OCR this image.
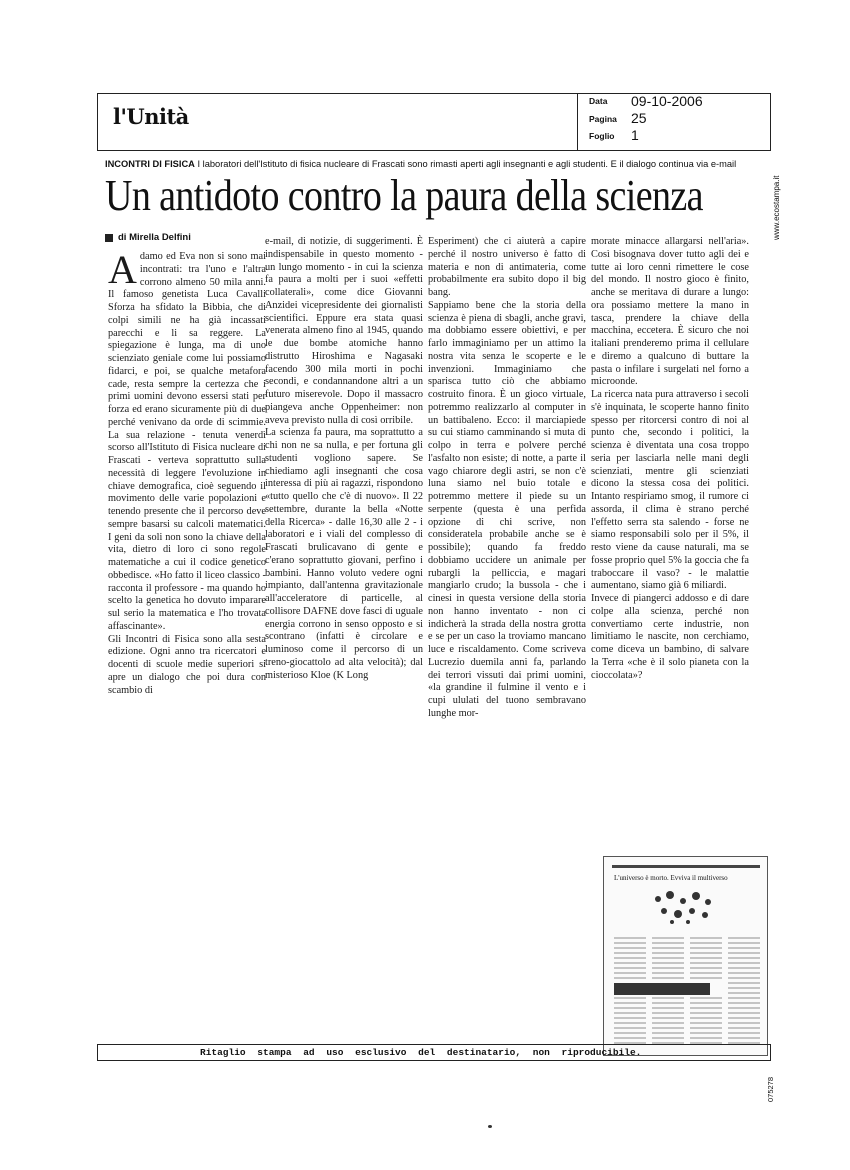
l'Unità
Data 09-10-2006
Pagina 25
Foglio 1
www.ecostampa.it
INCONTRI DI FISICA I laboratori dell'Istituto di fisica nucleare di Frascati sono rimasti aperti agli insegnanti e agli studenti. E il dialogo continua via e-mail
Un antidoto contro la paura della scienza
di Mirella Delfini

Adamo ed Eva non si sono mai incontrati: tra l'uno e l'altra corrono almeno 50 mila anni. Il famoso genetista Luca Cavalli Sforza ha sfidato la Bibbia, che di colpi simili ne ha già incassati parecchi e li sa reggere. La spiegazione è lunga, ma di uno scienziato geniale come lui possiamo fidarci, e poi, se qualche metafora cade, resta sempre la certezza che i primi uomini devono essersi stati per forza ed erano sicuramente più di due perché venivano da orde di scimmie. La sua relazione - tenuta venerdì scorso all'Istituto di Fisica nucleare di Frascati - verteva soprattutto sulla necessità di leggere l'evoluzione in chiave demografica, cioè seguendo il movimento delle varie popolazioni e tenendo presente che il percorso deve sempre basarsi su calcoli matematici. I geni da soli non sono la chiave della vita, dietro di loro ci sono regole matematiche a cui il codice genetico obbedisce. «Ho fatto il liceo classico - racconta il professore - ma quando ho scelto la genetica ho dovuto imparare sul serio la matematica e l'ho trovata affascinante».

Gli Incontri di Fisica sono alla sesta edizione. Ogni anno tra ricercatori e docenti di scuole medie superiori si apre un dialogo che poi dura con scambio di

e-mail, di notizie, di suggerimenti. È indispensabile in questo momento - un lungo momento - in cui la scienza fa paura a molti per i suoi «effetti collaterali», come dice Giovanni Anzidei vicepresidente dei giornalisti scientifici. Eppure era stata quasi venerata almeno fino al 1945, quando le due bombe atomiche hanno distrutto Hiroshima e Nagasaki facendo 300 mila morti in pochi secondi, e condannandone altri a un futuro miserevole. Dopo il massacro piangeva anche Oppenheimer: non aveva previsto nulla di così orribile.

La scienza fa paura, ma soprattutto a chi non ne sa nulla, e per fortuna gli studenti vogliono sapere. Se chiediamo agli insegnanti che cosa interessa di più ai ragazzi, rispondono «tutto quello che c'è di nuovo». Il 22 settembre, durante la bella «Notte della Ricerca» - dalle 16,30 alle 2 - i laboratori e i viali del complesso di Frascati brulicavano di gente e c'erano soprattutto giovani, perfino i bambini. Hanno voluto vedere ogni impianto, dall'antenna gravitazionale all'acceleratore di particelle, al collisore DAFNE dove fasci di uguale energia corrono in senso opposto e si scontrano (infatti è circolare e luminoso come il percorso di un treno-giocattolo ad alta velocità); dal misterioso Kloe (K Long

Esperiment) che ci aiuterà a capire perché il nostro universo è fatto di materia e non di antimateria, come probabilmente era subito dopo il big bang.

Sappiamo bene che la storia della scienza è piena di sbagli, anche gravi, ma dobbiamo essere obiettivi, e per farlo immaginiamo per un attimo la nostra vita senza le scoperte e le invenzioni. Immaginiamo che sparisca tutto ciò che abbiamo costruito finora. È un gioco virtuale, potremmo realizzarlo al computer in un battibaleno. Ecco: il marciapiede su cui stiamo camminando si muta di colpo in terra e polvere perché l'asfalto non esiste; di notte, a parte il vago chiarore degli astri, se non c'è luna siamo nel buio totale e potremmo mettere il piede su un serpente (questa è una perfida opzione di chi scrive, non consideratela probabile anche se è possibile); quando fa freddo dobbiamo uccidere un animale per rubargli la pelliccia, e magari mangiarlo crudo; la bussola - che i cinesi in questa versione della storia non hanno inventato - non ci indicherà la strada della nostra grotta e se per un caso la troviamo mancano luce e riscaldamento. Come scriveva Lucrezio duemila anni fa, parlando dei terrori vissuti dai primi uomini, «la grandine il fulmine il vento e i cupi ululati del tuono sembravano lunghe mor-

morate minacce allargarsi nell'aria». Così bisognava dover tutto agli dei e tutte ai loro cenni rimettere le cose del mondo. Il nostro gioco è finito, anche se meritava di durare a lungo: ora possiamo mettere la mano in tasca, prendere la chiave della macchina, eccetera. È sicuro che noi italiani prenderemo prima il cellulare e diremo a qualcuno di buttare la pasta o infilare i surgelati nel forno a microonde.

La ricerca nata pura attraverso i secoli s'è inquinata, le scoperte hanno finito spesso per ritorcersi contro di noi al punto che, secondo i politici, la scienza è diventata una cosa troppo seria per lasciarla nelle mani degli scienziati, mentre gli scienziati dicono la stessa cosa dei politici. Intanto respiriamo smog, il rumore ci assorda, il clima è strano perché l'effetto serra sta salendo - forse ne siamo responsabili solo per il 5%, il resto viene da cause naturali, ma se fosse proprio quel 5% la goccia che fa traboccare il vaso? - le malattie aumentano, siamo già 6 miliardi.

Invece di piangerci addosso e di dare colpe alla scienza, perché non convertiamo certe industrie, non limitiamo le nascite, non cerchiamo, come diceva un bambino, di salvare la Terra «che è il solo pianeta con la cioccolata»?

L'universo è morto. Evviva il multiverso
Ritaglio stampa ad uso esclusivo del destinatario, non riproducibile.
075278
